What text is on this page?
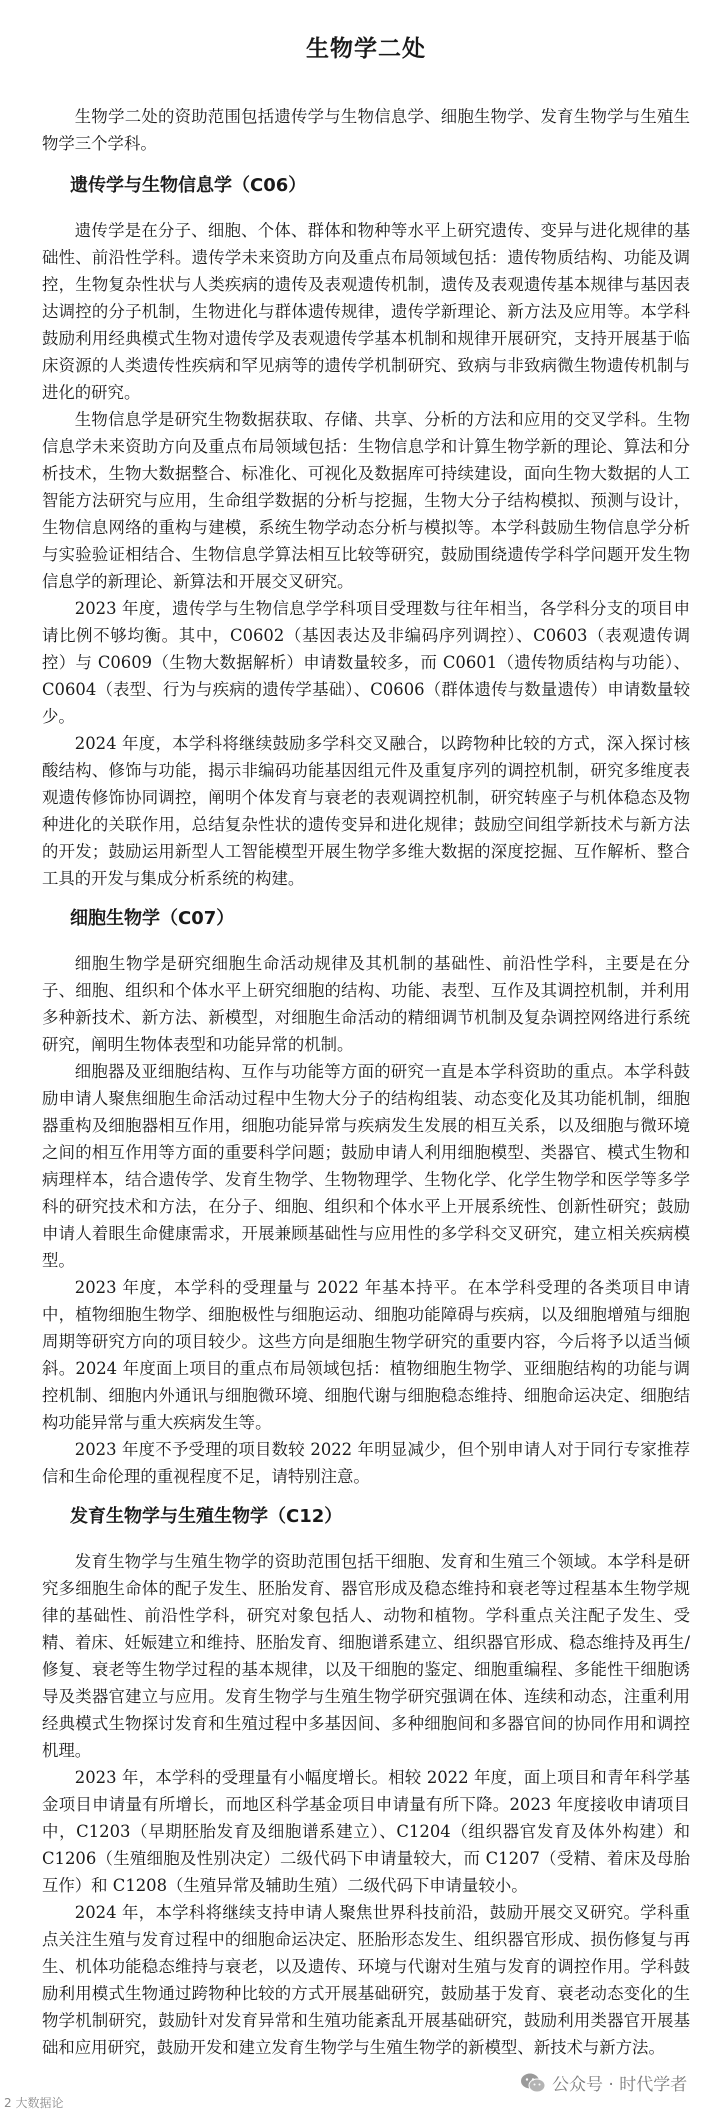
生物学二处

生物学二处的资助范围包括遗传学与生物信息学、细胞生物学、发育生物学与生殖生物学三个学科。

遗传学与生物信息学（C06）

遗传学是在分子、细胞、个体、群体和物种等水平上研究遗传、变异与进化规律的基础性、前沿性学科。遗传学未来资助方向及重点布局领域包括：遗传物质结构、功能及调控，生物复杂性状与人类疾病的遗传及表观遗传机制，遗传及表观遗传基本规律与基因表达调控的分子机制，生物进化与群体遗传规律，遗传学新理论、新方法及应用等。本学科鼓励利用经典模式生物对遗传学及表观遗传学基本机制和规律开展研究，支持开展基于临床资源的人类遗传性疾病和罕见病等的遗传学机制研究、致病与非致病微生物遗传机制与进化的研究。

生物信息学是研究生物数据获取、存储、共享、分析的方法和应用的交叉学科。生物信息学未来资助方向及重点布局领域包括：生物信息学和计算生物学新的理论、算法和分析技术，生物大数据整合、标准化、可视化及数据库可持续建设，面向生物大数据的人工智能方法研究与应用，生命组学数据的分析与挖掘，生物大分子结构模拟、预测与设计，生物信息网络的重构与建模，系统生物学动态分析与模拟等。本学科鼓励生物信息学分析与实验验证相结合、生物信息学算法相互比较等研究，鼓励围绕遗传学科学问题开发生物信息学的新理论、新算法和开展交叉研究。

2023 年度，遗传学与生物信息学学科项目受理数与往年相当，各学科分支的项目申请比例不够均衡。其中，C0602（基因表达及非编码序列调控）、C0603（表观遗传调控）与 C0609（生物大数据解析）申请数量较多，而 C0601（遗传物质结构与功能）、C0604（表型、行为与疾病的遗传学基础）、C0606（群体遗传与数量遗传）申请数量较少。

2024 年度，本学科将继续鼓励多学科交叉融合，以跨物种比较的方式，深入探讨核酸结构、修饰与功能，揭示非编码功能基因组元件及重复序列的调控机制，研究多维度表观遗传修饰协同调控，阐明个体发育与衰老的表观调控机制，研究转座子与机体稳态及物种进化的关联作用，总结复杂性状的遗传变异和进化规律；鼓励空间组学新技术与新方法的开发；鼓励运用新型人工智能模型开展生物学多维大数据的深度挖掘、互作解析、整合工具的开发与集成分析系统的构建。

细胞生物学（C07）

细胞生物学是研究细胞生命活动规律及其机制的基础性、前沿性学科，主要是在分子、细胞、组织和个体水平上研究细胞的结构、功能、表型、互作及其调控机制，并利用多种新技术、新方法、新模型，对细胞生命活动的精细调节机制及复杂调控网络进行系统研究，阐明生物体表型和功能异常的机制。

细胞器及亚细胞结构、互作与功能等方面的研究一直是本学科资助的重点。本学科鼓励申请人聚焦细胞生命活动过程中生物大分子的结构组装、动态变化及其功能机制，细胞器重构及细胞器相互作用，细胞功能异常与疾病发生发展的相互关系，以及细胞与微环境之间的相互作用等方面的重要科学问题；鼓励申请人利用细胞模型、类器官、模式生物和病理样本，结合遗传学、发育生物学、生物物理学、生物化学、化学生物学和医学等多学科的研究技术和方法，在分子、细胞、组织和个体水平上开展系统性、创新性研究；鼓励申请人着眼生命健康需求，开展兼顾基础性与应用性的多学科交叉研究，建立相关疾病模型。

2023 年度，本学科的受理量与 2022 年基本持平。在本学科受理的各类项目申请中，植物细胞生物学、细胞极性与细胞运动、细胞功能障碍与疾病，以及细胞增殖与细胞周期等研究方向的项目较少。这些方向是细胞生物学研究的重要内容，今后将予以适当倾斜。2024 年度面上项目的重点布局领域包括：植物细胞生物学、亚细胞结构的功能与调控机制、细胞内外通讯与细胞微环境、细胞代谢与细胞稳态维持、细胞命运决定、细胞结构功能异常与重大疾病发生等。

2023 年度不予受理的项目数较 2022 年明显减少，但个别申请人对于同行专家推荐信和生命伦理的重视程度不足，请特别注意。

发育生物学与生殖生物学（C12）

发育生物学与生殖生物学的资助范围包括干细胞、发育和生殖三个领域。本学科是研究多细胞生命体的配子发生、胚胎发育、器官形成及稳态维持和衰老等过程基本生物学规律的基础性、前沿性学科，研究对象包括人、动物和植物。学科重点关注配子发生、受精、着床、妊娠建立和维持、胚胎发育、细胞谱系建立、组织器官形成、稳态维持及再生/修复、衰老等生物学过程的基本规律，以及干细胞的鉴定、细胞重编程、多能性干细胞诱导及类器官建立与应用。发育生物学与生殖生物学研究强调在体、连续和动态，注重利用经典模式生物探讨发育和生殖过程中多基因间、多种细胞间和多器官间的协同作用和调控机理。

2023 年，本学科的受理量有小幅度增长。相较 2022 年度，面上项目和青年科学基金项目申请量有所增长，而地区科学基金项目申请量有所下降。2023 年度接收申请项目中，C1203（早期胚胎发育及细胞谱系建立）、C1204（组织器官发育及体外构建）和 C1206（生殖细胞及性别决定）二级代码下申请量较大，而 C1207（受精、着床及母胎互作）和 C1208（生殖异常及辅助生殖）二级代码下申请量较小。

2024 年，本学科将继续支持申请人聚焦世界科技前沿，鼓励开展交叉研究。学科重点关注生殖与发育过程中的细胞命运决定、胚胎形态发生、组织器官形成、损伤修复与再生、机体功能稳态维持与衰老，以及遗传、环境与代谢对生殖与发育的调控作用。学科鼓励利用模式生物通过跨物种比较的方式开展基础研究，鼓励基于发育、衰老动态变化的生物学机制研究，鼓励针对发育异常和生殖功能紊乱开展基础研究，鼓励利用类器官开展基础和应用研究，鼓励开发和建立发育生物学与生殖生物学的新模型、新技术与新方法。

公众号 · 时代学者
2 大数据论
